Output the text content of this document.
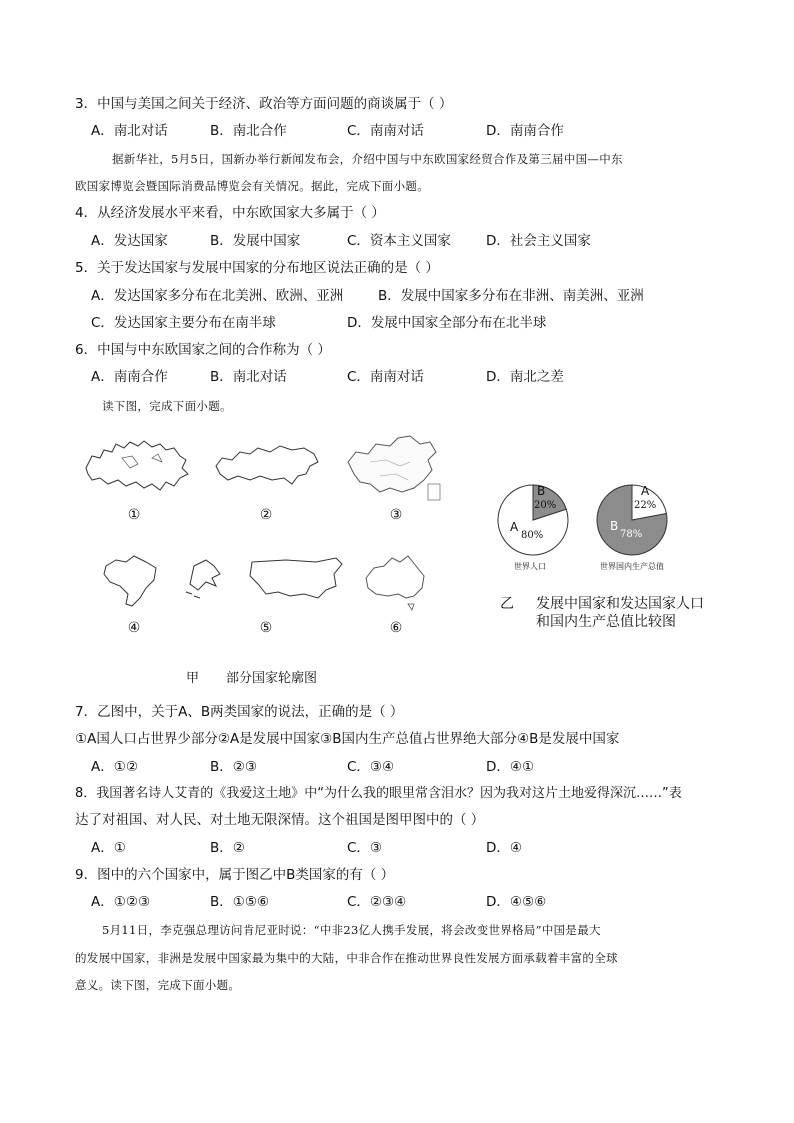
3．中国与美国之间关于经济、政治等方面问题的商谈属于（ ）
A．南北对话	B．南北合作	C．南南对话	D．南南合作
据新华社，5月5日，国新办举行新闻发布会，介绍中国与中东欧国家经贸合作及第三届中国—中东
欧国家博览会暨国际消费品博览会有关情况。据此，完成下面小题。
4．从经济发展水平来看，中东欧国家大多属于（ ）
A．发达国家	B．发展中国家	C．资本主义国家	D．社会主义国家
5．关于发达国家与发展中国家的分布地区说法正确的是（ ）
A．发达国家多分布在北美洲、欧洲、亚洲	B．发展中国家多分布在非洲、南美洲、亚洲
C．发达国家主要分布在南半球	D．发展中国家全部分布在北半球
6．中国与中东欧国家之间的合作称为（ ）
A．南南合作	B．南北对话	C．南南对话	D．南北之差
读下图，完成下面小题。
①	②	③
④	⑤	⑥
甲 部分国家轮廓图
B
20%
A
80%
世界人口
A
22%
B
78%
世界国内生产总值
乙 发展中国家和发达国家人口
和国内生产总值比较图
7．乙图中，关于A、B两类国家的说法，正确的是（ ）
①A国人口占世界少部分②A是发展中国家③B国内生产总值占世界绝大部分④B是发展中国家
A．①②	B．②③	C．③④	D．④①
8．我国著名诗人艾青的《我爱这土地》中“为什么我的眼里常含泪水？因为我对这片土地爱得深沉……”表
达了对祖国、对人民、对土地无限深情。这个祖国是图甲图中的（ ）
A．①	B．②	C．③	D．④
9．图中的六个国家中，属于图乙中B类国家的有（ ）
A．①②③	B．①⑤⑥	C．②③④	D．④⑤⑥
5月11日，李克强总理访问肯尼亚时说：“中非23亿人携手发展，将会改变世界格局”中国是最大
的发展中国家，非洲是发展中国家最为集中的大陆，中非合作在推动世界良性发展方面承载着丰富的全球
意义。读下图，完成下面小题。
